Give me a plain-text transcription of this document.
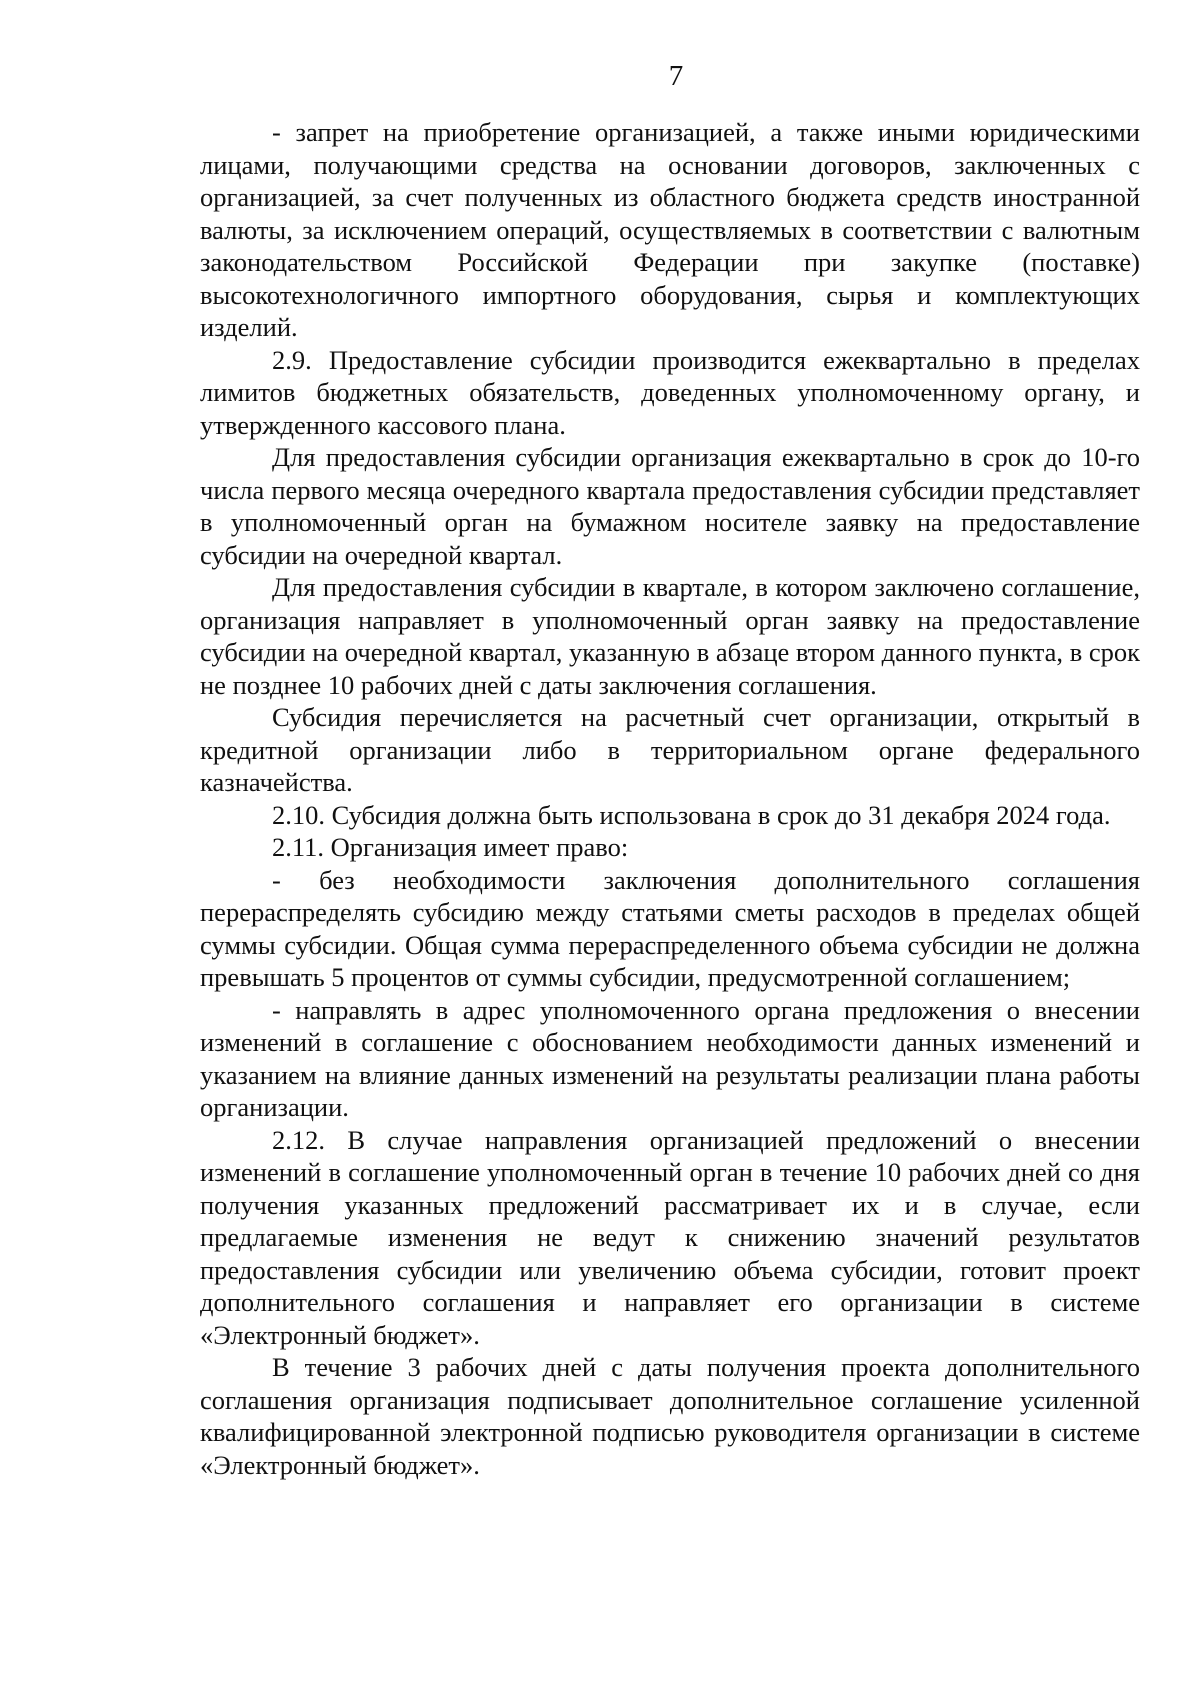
7

- запрет на приобретение организацией, а также иными юридическими лицами, получающими средства на основании договоров, заключенных с организацией, за счет полученных из областного бюджета средств иностранной валюты, за исключением операций, осуществляемых в соответствии с валютным законодательством Российской Федерации при закупке (поставке) высокотехнологичного импортного оборудования, сырья и комплектующих изделий.

2.9. Предоставление субсидии производится ежеквартально в пределах лимитов бюджетных обязательств, доведенных уполномоченному органу, и утвержденного кассового плана.

Для предоставления субсидии организация ежеквартально в срок до 10-го числа первого месяца очередного квартала предоставления субсидии представляет в уполномоченный орган на бумажном носителе заявку на предоставление субсидии на очередной квартал.

Для предоставления субсидии в квартале, в котором заключено соглашение, организация направляет в уполномоченный орган заявку на предоставление субсидии на очередной квартал, указанную в абзаце втором данного пункта, в срок не позднее 10 рабочих дней с даты заключения соглашения.

Субсидия перечисляется на расчетный счет организации, открытый в кредитной организации либо в территориальном органе федерального казначейства.

2.10. Субсидия должна быть использована в срок до 31 декабря 2024 года.

2.11. Организация имеет право:

- без необходимости заключения дополнительного соглашения перераспределять субсидию между статьями сметы расходов в пределах общей суммы субсидии. Общая сумма перераспределенного объема субсидии не должна превышать 5 процентов от суммы субсидии, предусмотренной соглашением;

- направлять в адрес уполномоченного органа предложения о внесении изменений в соглашение с обоснованием необходимости данных изменений и указанием на влияние данных изменений на результаты реализации плана работы организации.

2.12. В случае направления организацией предложений о внесении изменений в соглашение уполномоченный орган в течение 10 рабочих дней со дня получения указанных предложений рассматривает их и в случае, если предлагаемые изменения не ведут к снижению значений результатов предоставления субсидии или увеличению объема субсидии, готовит проект дополнительного соглашения и направляет его организации в системе «Электронный бюджет».

В течение 3 рабочих дней с даты получения проекта дополнительного соглашения организация подписывает дополнительное соглашение усиленной квалифицированной электронной подписью руководителя организации в системе «Электронный бюджет».
